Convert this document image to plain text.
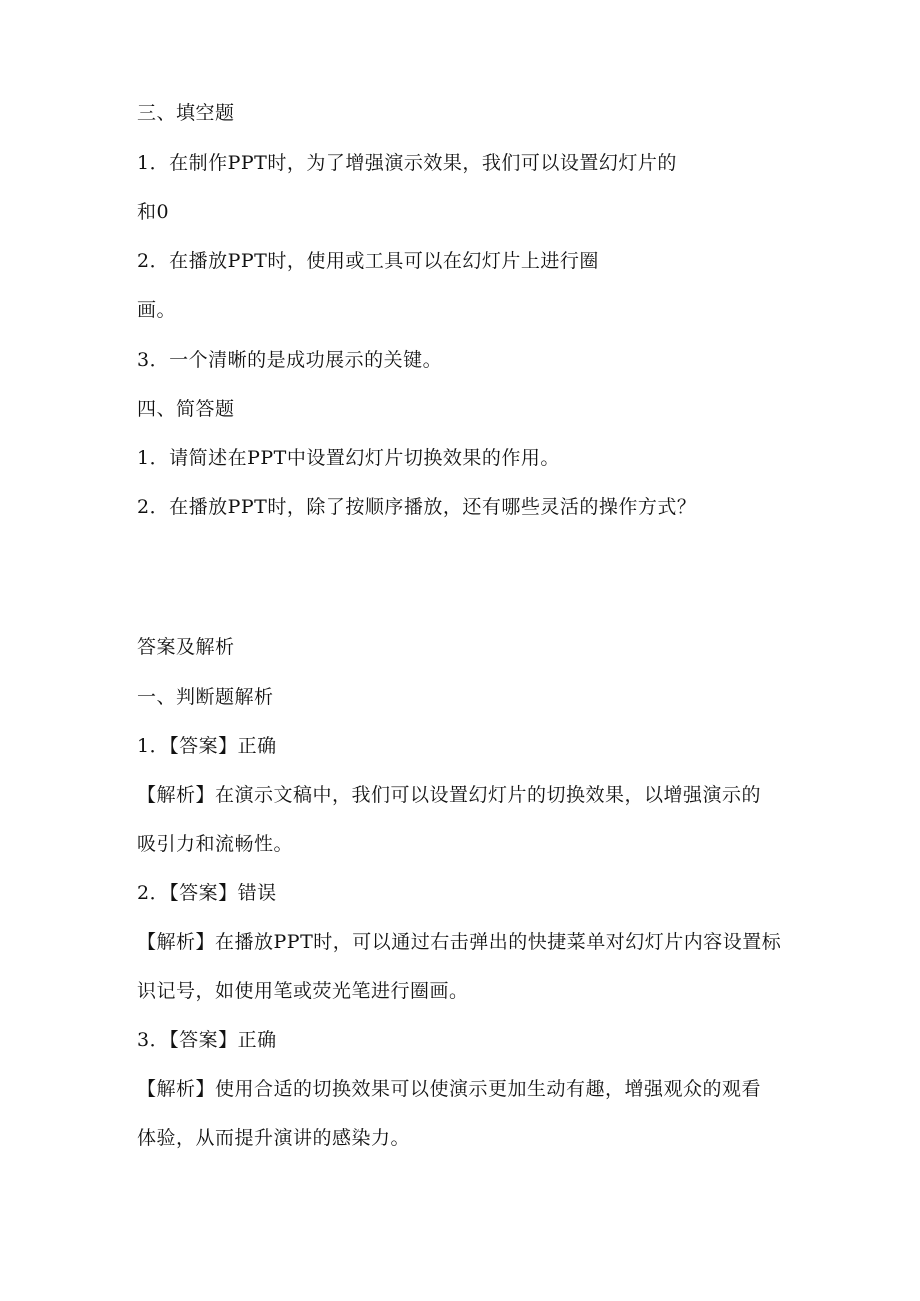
三、填空题
1．在制作PPT时，为了增强演示效果，我们可以设置幻灯片的
和0
2．在播放PPT时，使用或工具可以在幻灯片上进行圈
画。
3．一个清晰的是成功展示的关键。
四、简答题
1．请简述在PPT中设置幻灯片切换效果的作用。
2．在播放PPT时，除了按顺序播放，还有哪些灵活的操作方式？
答案及解析
一、判断题解析
1．【答案】正确
【解析】在演示文稿中，我们可以设置幻灯片的切换效果，以增强演示的
吸引力和流畅性。
2．【答案】错误
【解析】在播放PPT时，可以通过右击弹出的快捷菜单对幻灯片内容设置标
识记号，如使用笔或荧光笔进行圈画。
3．【答案】正确
【解析】使用合适的切换效果可以使演示更加生动有趣，增强观众的观看
体验，从而提升演讲的感染力。
